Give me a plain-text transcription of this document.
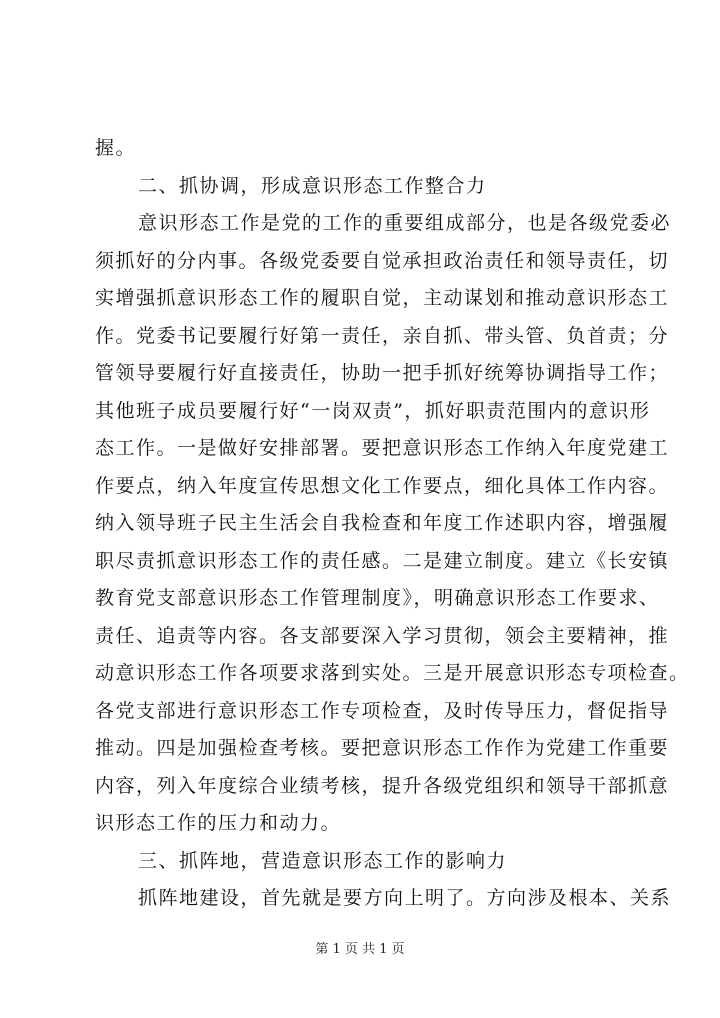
握。
二、抓协调，形成意识形态工作整合力
意识形态工作是党的工作的重要组成部分，也是各级党委必
须抓好的分内事。各级党委要自觉承担政治责任和领导责任，切
实增强抓意识形态工作的履职自觉，主动谋划和推动意识形态工
作。党委书记要履行好第一责任，亲自抓、带头管、负首责；分
管领导要履行好直接责任，协助一把手抓好统筹协调指导工作；
其他班子成员要履行好“一岗双责”，抓好职责范围内的意识形
态工作。一是做好安排部署。要把意识形态工作纳入年度党建工
作要点，纳入年度宣传思想文化工作要点，细化具体工作内容。
纳入领导班子民主生活会自我检查和年度工作述职内容，增强履
职尽责抓意识形态工作的责任感。二是建立制度。建立《长安镇
教育党支部意识形态工作管理制度》，明确意识形态工作要求、
责任、追责等内容。各支部要深入学习贯彻，领会主要精神，推
动意识形态工作各项要求落到实处。三是开展意识形态专项检查。
各党支部进行意识形态工作专项检查，及时传导压力，督促指导
推动。四是加强检查考核。要把意识形态工作作为党建工作重要
内容，列入年度综合业绩考核，提升各级党组织和领导干部抓意
识形态工作的压力和动力。
三、抓阵地，营造意识形态工作的影响力
抓阵地建设，首先就是要方向上明了。方向涉及根本、关系
第 1 页 共 1 页
